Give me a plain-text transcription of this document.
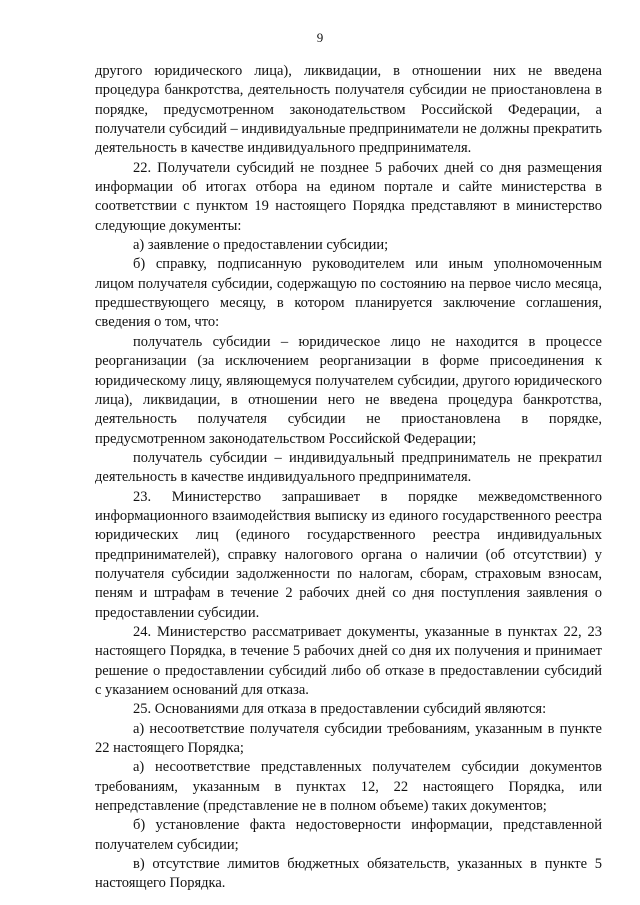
9

другого юридического лица), ликвидации, в отношении них не введена процедура банкротства, деятельность получателя субсидии не приостановлена в порядке, предусмотренном законодательством Российской Федерации, а получатели субсидий – индивидуальные предприниматели не должны прекратить деятельность в качестве индивидуального предпринимателя.

22. Получатели субсидий не позднее 5 рабочих дней со дня размещения информации об итогах отбора на едином портале и сайте министерства в соответствии с пунктом 19 настоящего Порядка представляют в министерство следующие документы:

а) заявление о предоставлении субсидии;

б) справку, подписанную руководителем или иным уполномоченным лицом получателя субсидии, содержащую по состоянию на первое число месяца, предшествующего месяцу, в котором планируется заключение соглашения, сведения о том, что:

получатель субсидии – юридическое лицо не находится в процессе реорганизации (за исключением реорганизации в форме присоединения к юридическому лицу, являющемуся получателем субсидии, другого юридического лица), ликвидации, в отношении него не введена процедура банкротства, деятельность получателя субсидии не приостановлена в порядке, предусмотренном законодательством Российской Федерации;

получатель субсидии – индивидуальный предприниматель не прекратил деятельность в качестве индивидуального предпринимателя.

23. Министерство запрашивает в порядке межведомственного информационного взаимодействия выписку из единого государственного реестра юридических лиц (единого государственного реестра индивидуальных предпринимателей), справку налогового органа о наличии (об отсутствии) у получателя субсидии задолженности по налогам, сборам, страховым взносам, пеням и штрафам в течение 2 рабочих дней со дня поступления заявления о предоставлении субсидии.

24. Министерство рассматривает документы, указанные в пунктах 22, 23 настоящего Порядка, в течение 5 рабочих дней со дня их получения и принимает решение о предоставлении субсидий либо об отказе в предоставлении субсидий с указанием оснований для отказа.

25. Основаниями для отказа в предоставлении субсидий являются:

а) несоответствие получателя субсидии требованиям, указанным в пункте 22 настоящего Порядка;

а) несоответствие представленных получателем субсидии документов требованиям, указанным в пунктах 12, 22 настоящего Порядка, или непредставление (представление не в полном объеме) таких документов;

б) установление факта недостоверности информации, представленной получателем субсидии;

в) отсутствие лимитов бюджетных обязательств, указанных в пункте 5 настоящего Порядка.
